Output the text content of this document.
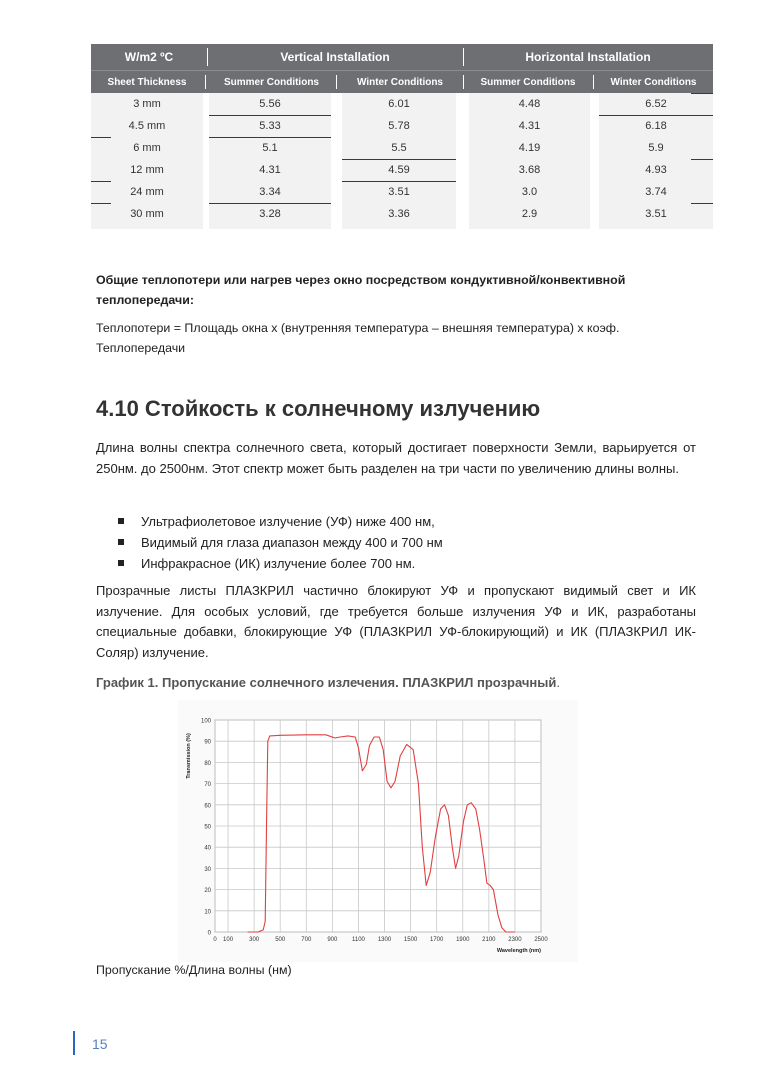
W/m2 ºC	Vertical Installation	Horizontal Installation
Sheet Thickness	Summer Conditions	Winter Conditions	Summer Conditions	Winter Conditions
3 mm	5.56	6.01	4.48	6.52
4.5 mm	5.33	5.78	4.31	6.18
6 mm	5.1	5.5	4.19	5.9
12 mm	4.31	4.59	3.68	4.93
24 mm	3.34	3.51	3.0	3.74
30 mm	3.28	3.36	2.9	3.51
Общие теплопотери или нагрев через окно посредством кондуктивной/конвективной теплопередачи:
Теплопотери = Площадь окна x (внутренняя температура – внешняя температура) x коэф. Теплопередачи
4.10 Стойкость к солнечному излучению
Длина волны спектра солнечного света, который достигает поверхности Земли, варьируется от 250нм. до 2500нм. Этот спектр может быть разделен на три части по увеличению длины волны.
Ультрафиолетовое излучение (УФ) ниже 400 нм,
Видимый для глаза диапазон между 400 и 700 нм
Инфракрасное (ИК) излучение более 700 нм.
Прозрачные листы ПЛАЗКРИЛ частично блокируют УФ и пропускают видимый свет и ИК излучение. Для особых условий, где требуется больше излучения УФ и ИК, разработаны специальные добавки, блокирующие УФ (ПЛАЗКРИЛ УФ-блокирующий) и ИК (ПЛАЗКРИЛ ИК-Соляр) излучение.
График 1. Пропускание солнечного излечения. ПЛАЗКРИЛ прозрачный.
0
10
20
30
40
50
60
70
80
90
100
0 100	300	500	700	900 1100 1300 1500 1700 1900 2100 2300 2500
Wavelength (nm)
Transmission (%)
Пропускание %/Длина волны (нм)
15
